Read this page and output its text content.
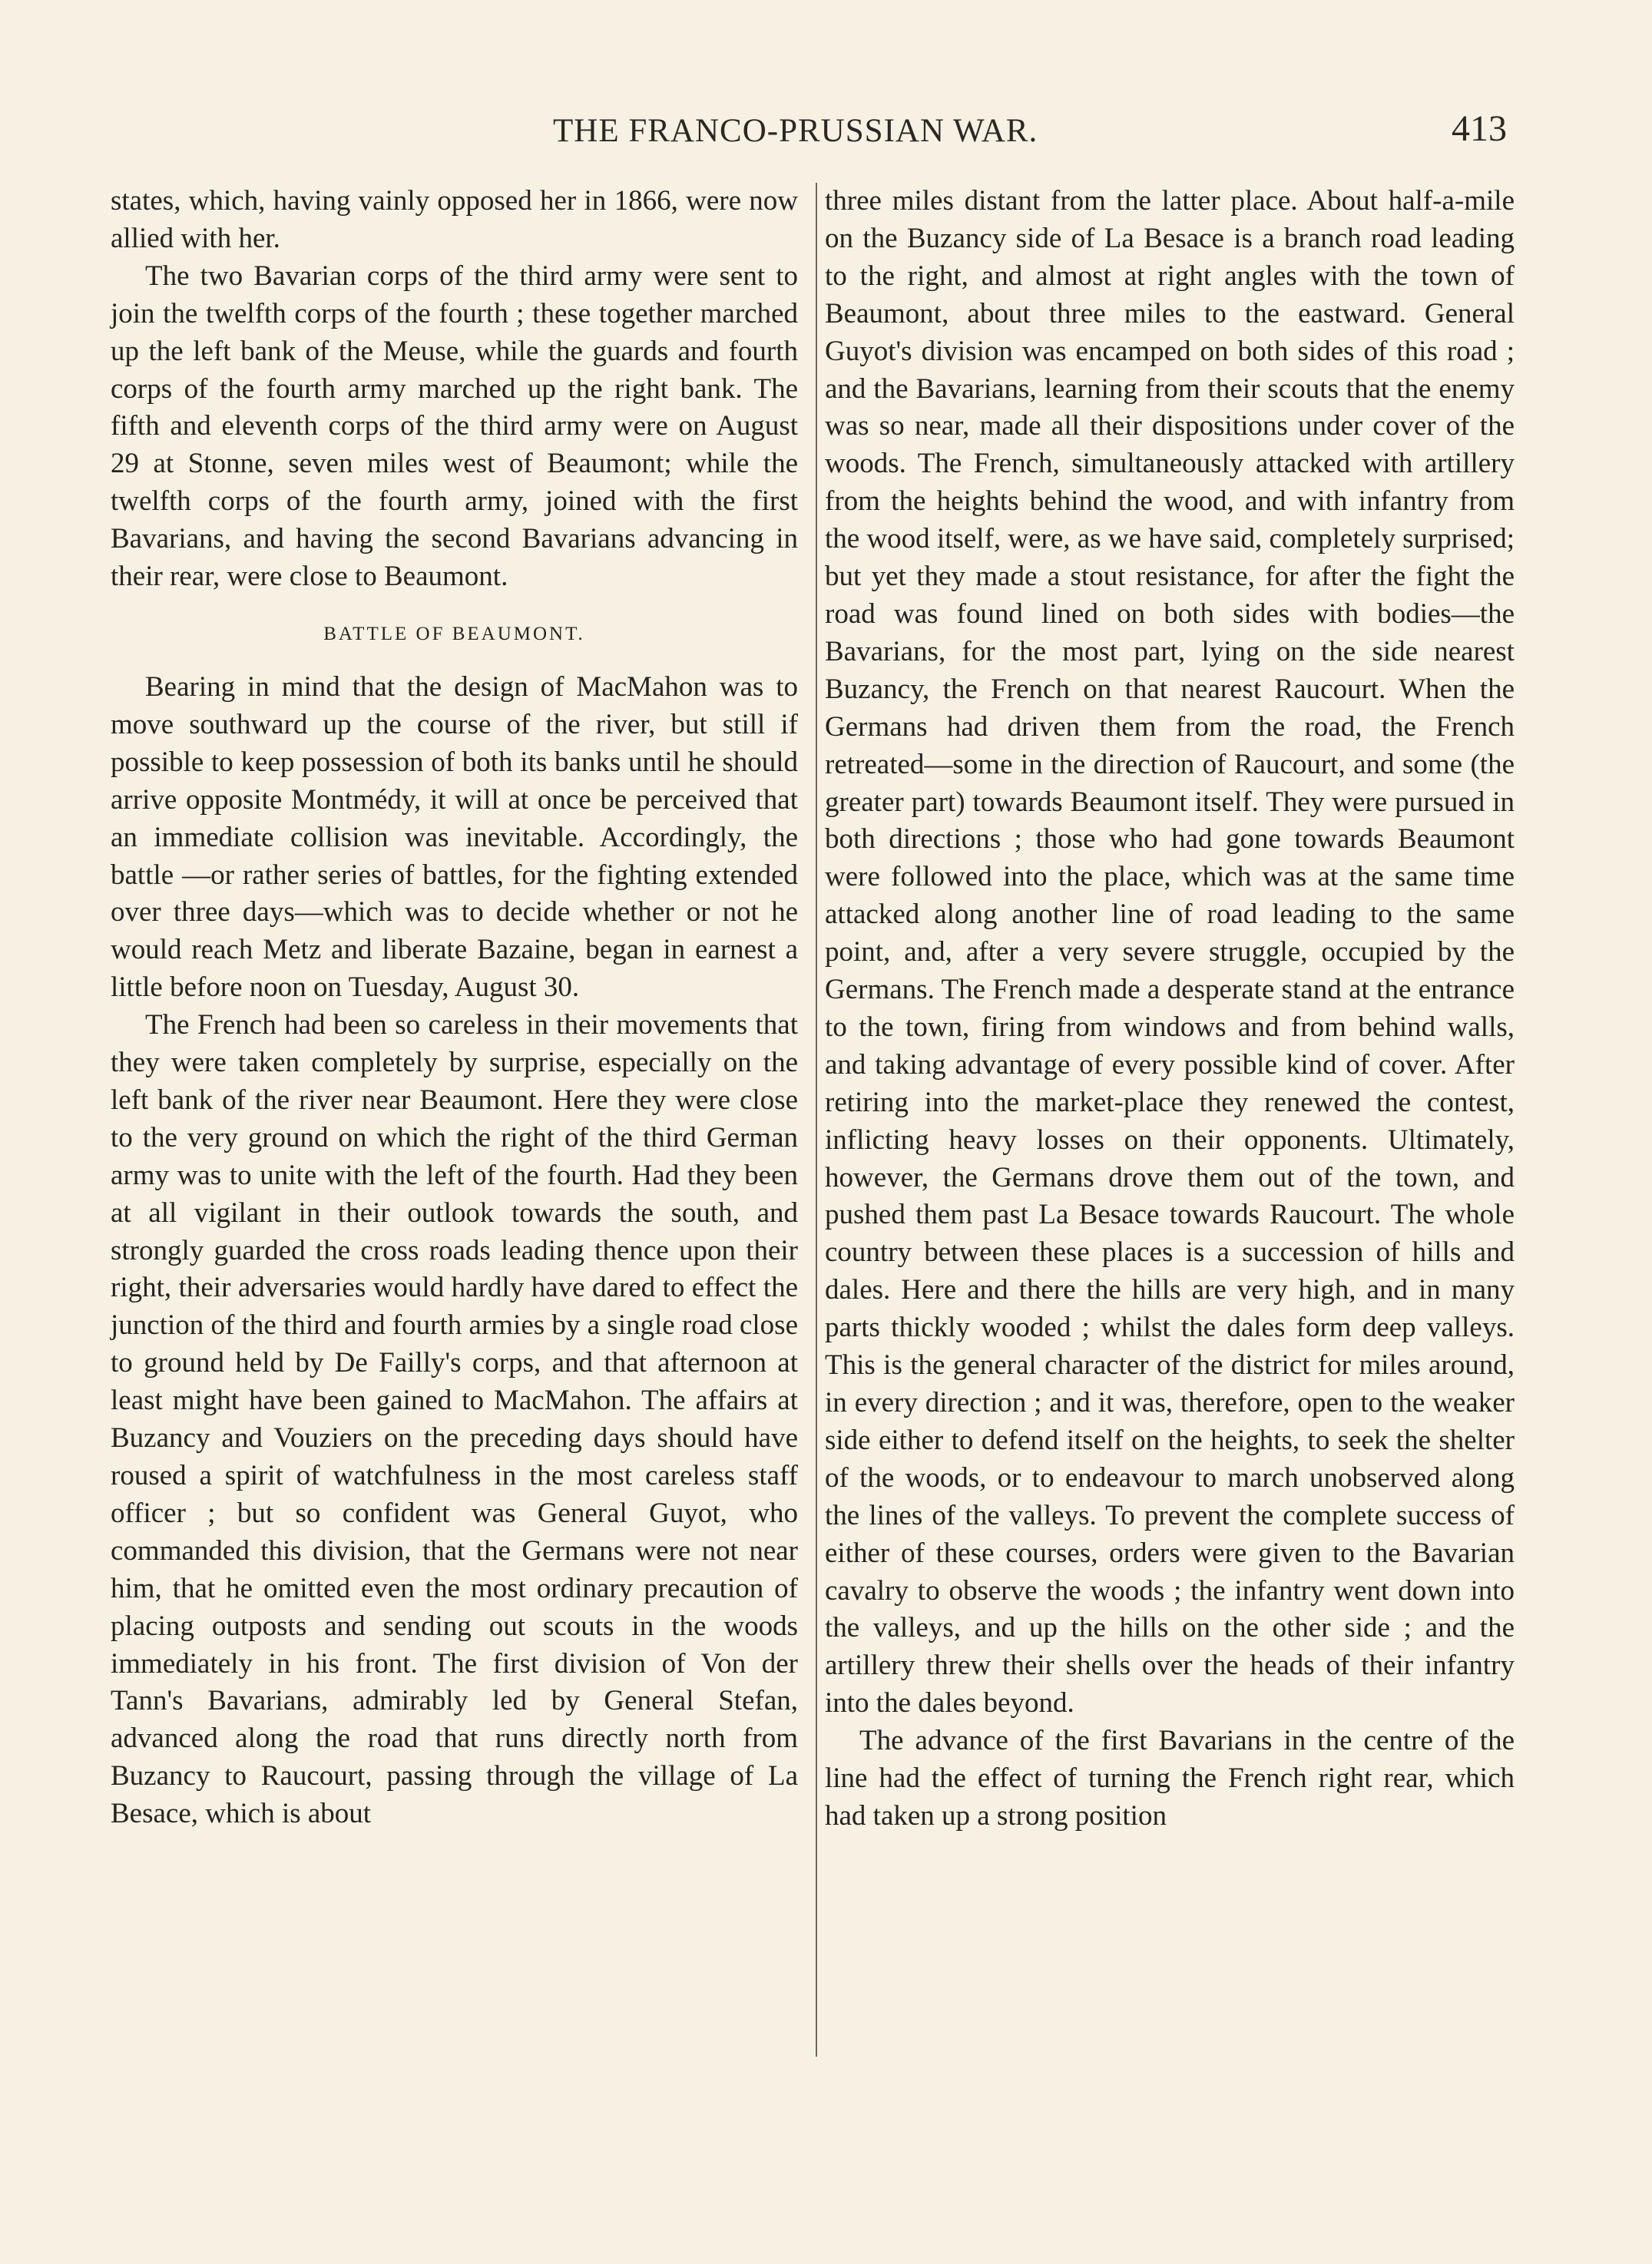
THE FRANCO-PRUSSIAN WAR.	413

states, which, having vainly opposed her in 1866, were now allied with her.

The two Bavarian corps of the third army were sent to join the twelfth corps of the fourth ; these together marched up the left bank of the Meuse, while the guards and fourth corps of the fourth army marched up the right bank. The fifth and eleventh corps of the third army were on August 29 at Stonne, seven miles west of Beaumont; while the twelfth corps of the fourth army, joined with the first Bavarians, and having the second Bavarians advancing in their rear, were close to Beaumont.

BATTLE OF BEAUMONT.

Bearing in mind that the design of MacMahon was to move southward up the course of the river, but still if possible to keep possession of both its banks until he should arrive opposite Montmédy, it will at once be perceived that an immediate collision was inevitable. Accordingly, the battle —or rather series of battles, for the fighting extended over three days—which was to decide whether or not he would reach Metz and liberate Bazaine, began in earnest a little before noon on Tuesday, August 30.

The French had been so careless in their movements that they were taken completely by surprise, especially on the left bank of the river near Beaumont. Here they were close to the very ground on which the right of the third German army was to unite with the left of the fourth. Had they been at all vigilant in their outlook towards the south, and strongly guarded the cross roads leading thence upon their right, their adversaries would hardly have dared to effect the junction of the third and fourth armies by a single road close to ground held by De Failly's corps, and that afternoon at least might have been gained to MacMahon. The affairs at Buzancy and Vouziers on the preceding days should have roused a spirit of watchfulness in the most careless staff officer ; but so confident was General Guyot, who commanded this division, that the Germans were not near him, that he omitted even the most ordinary precaution of placing outposts and sending out scouts in the woods immediately in his front. The first division of Von der Tann's Bavarians, admirably led by General Stefan, advanced along the road that runs directly north from Buzancy to Raucourt, passing through the village of La Besace, which is about

three miles distant from the latter place. About half-a-mile on the Buzancy side of La Besace is a branch road leading to the right, and almost at right angles with the town of Beaumont, about three miles to the eastward. General Guyot's division was encamped on both sides of this road ; and the Bavarians, learning from their scouts that the enemy was so near, made all their dispositions under cover of the woods. The French, simultaneously attacked with artillery from the heights behind the wood, and with infantry from the wood itself, were, as we have said, completely surprised; but yet they made a stout resistance, for after the fight the road was found lined on both sides with bodies—the Bavarians, for the most part, lying on the side nearest Buzancy, the French on that nearest Raucourt. When the Germans had driven them from the road, the French retreated—some in the direction of Raucourt, and some (the greater part) towards Beaumont itself. They were pursued in both directions ; those who had gone towards Beaumont were followed into the place, which was at the same time attacked along another line of road leading to the same point, and, after a very severe struggle, occupied by the Germans. The French made a desperate stand at the entrance to the town, firing from windows and from behind walls, and taking advantage of every possible kind of cover. After retiring into the market-place they renewed the contest, inflicting heavy losses on their opponents. Ultimately, however, the Germans drove them out of the town, and pushed them past La Besace towards Raucourt. The whole country between these places is a succession of hills and dales. Here and there the hills are very high, and in many parts thickly wooded ; whilst the dales form deep valleys. This is the general character of the district for miles around, in every direction ; and it was, therefore, open to the weaker side either to defend itself on the heights, to seek the shelter of the woods, or to endeavour to march unobserved along the lines of the valleys. To prevent the complete success of either of these courses, orders were given to the Bavarian cavalry to observe the woods ; the infantry went down into the valleys, and up the hills on the other side ; and the artillery threw their shells over the heads of their infantry into the dales beyond.

The advance of the first Bavarians in the centre of the line had the effect of turning the French right rear, which had taken up a strong position
